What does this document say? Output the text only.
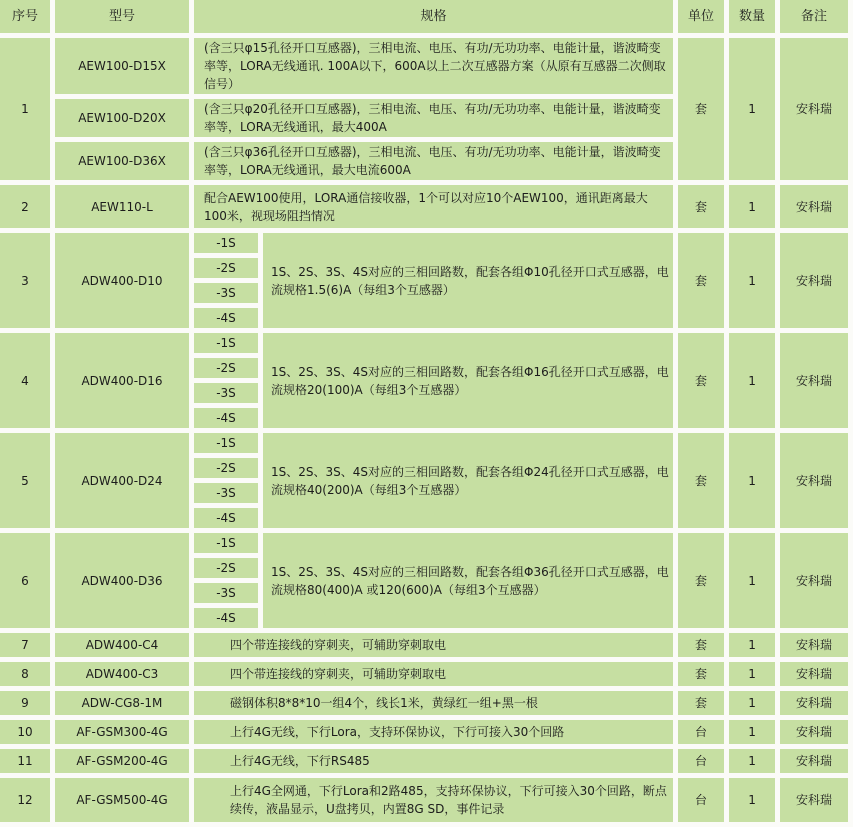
序号	型号	规格		单位	数量	备注
1	AEW100-D15X	(含三只φ15孔径开口互感器)，三相电流、电压、有功/无功功率、电能计量，谐波畸变率等，LORA无线通讯. 100A以下，600A以上二次互感器方案（从原有互感器二次侧取信号）		套	1	安科瑞
	AEW100-D20X	(含三只φ20孔径开口互感器)，三相电流、电压、有功/无功功率、电能计量，谐波畸变率等，LORA无线通讯，最大400A				
	AEW100-D36X	(含三只φ36孔径开口互感器)，三相电流、电压、有功/无功功率、电能计量，谐波畸变率等，LORA无线通讯，最大电流600A				
2	AEW110-L	配合AEW100使用，LORA通信接收器，1个可以对应10个AEW100，通讯距离最大100米，视现场阻挡情况		套	1	安科瑞
3	ADW400-D10	-1S	1S、2S、3S、4S对应的三相回路数，配套各组Φ10孔径开口式互感器，电流规格1.5(6)A（每组3个互感器）	套	1	安科瑞
		-2S				
		-3S				
		-4S				
4	ADW400-D16	-1S	1S、2S、3S、4S对应的三相回路数，配套各组Φ16孔径开口式互感器，电流规格20(100)A（每组3个互感器）	套	1	安科瑞
		-2S				
		-3S				
		-4S				
5	ADW400-D24	-1S	1S、2S、3S、4S对应的三相回路数，配套各组Φ24孔径开口式互感器，电流规格40(200)A（每组3个互感器）	套	1	安科瑞
		-2S				
		-3S				
		-4S				
6	ADW400-D36	-1S	1S、2S、3S、4S对应的三相回路数，配套各组Φ36孔径开口式互感器，电流规格80(400)A 或120(600)A（每组3个互感器）	套	1	安科瑞
		-2S				
		-3S				
		-4S				
7	ADW400-C4	四个带连接线的穿刺夹，可辅助穿刺取电		套	1	安科瑞
8	ADW400-C3	四个带连接线的穿刺夹，可辅助穿刺取电		套	1	安科瑞
9	ADW-CG8-1M	磁钢体积8*8*10一组4个，线长1米，黄绿红一组+黑一根		套	1	安科瑞
10	AF-GSM300-4G	上行4G无线，下行Lora，支持环保协议，下行可接入30个回路		台	1	安科瑞
11	AF-GSM200-4G	上行4G无线，下行RS485		台	1	安科瑞
12	AF-GSM500-4G	上行4G全网通，下行Lora和2路485，支持环保协议，下行可接入30个回路，断点续传，液晶显示，U盘拷贝，内置8G SD，事件记录		台	1	安科瑞
